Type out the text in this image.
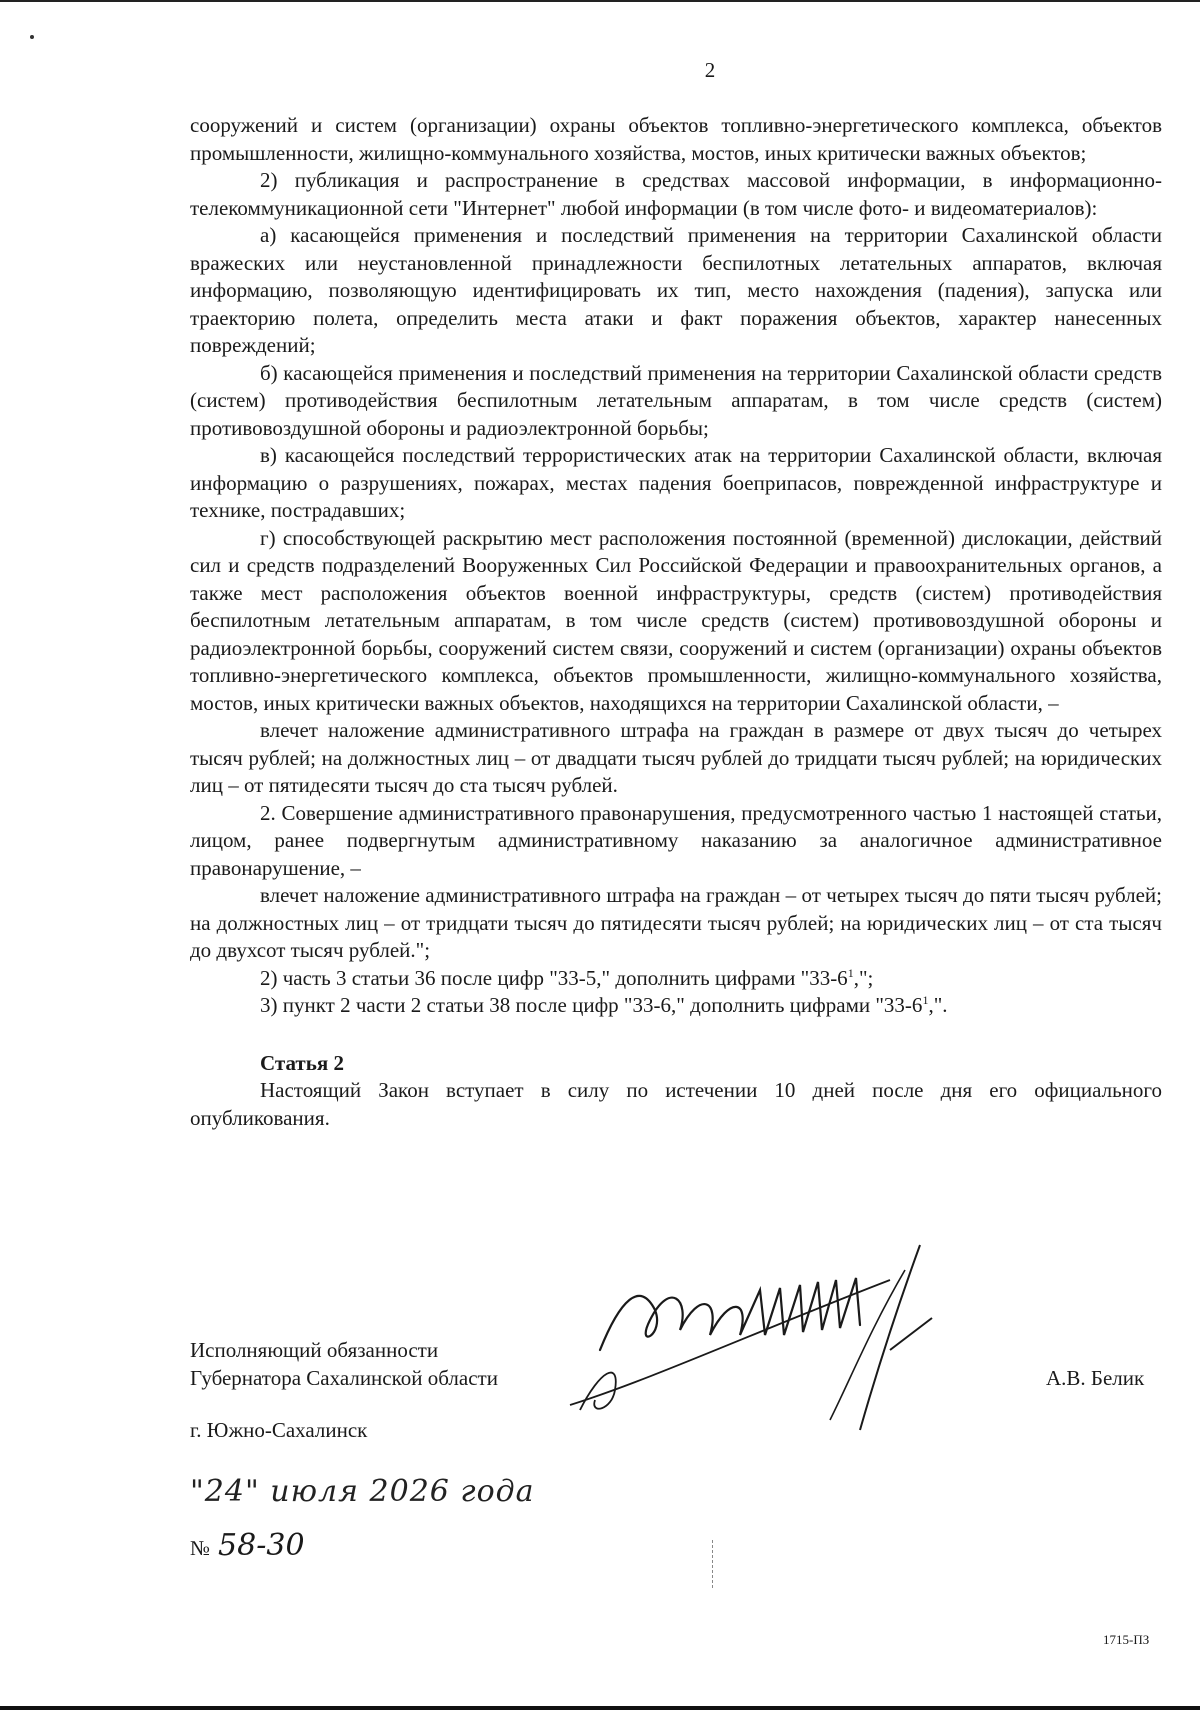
2

сооружений и систем (организации) охраны объектов топливно-энергетического комплекса, объектов промышленности, жилищно-коммунального хозяйства, мостов, иных критически важных объектов;

2) публикация и распространение в средствах массовой информации, в информационно-телекоммуникационной сети "Интернет" любой информации (в том числе фото- и видеоматериалов):

а) касающейся применения и последствий применения на территории Сахалинской области вражеских или неустановленной принадлежности беспилотных летательных аппаратов, включая информацию, позволяющую идентифицировать их тип, место нахождения (падения), запуска или траекторию полета, определить места атаки и факт поражения объектов, характер нанесенных повреждений;

б) касающейся применения и последствий применения на территории Сахалинской области средств (систем) противодействия беспилотным летательным аппаратам, в том числе средств (систем) противовоздушной обороны и радиоэлектронной борьбы;

в) касающейся последствий террористических атак на территории Сахалинской области, включая информацию о разрушениях, пожарах, местах падения боеприпасов, поврежденной инфраструктуре и технике, пострадавших;

г) способствующей раскрытию мест расположения постоянной (временной) дислокации, действий сил и средств подразделений Вооруженных Сил Российской Федерации и правоохранительных органов, а также мест расположения объектов военной инфраструктуры, средств (систем) противодействия беспилотным летательным аппаратам, в том числе средств (систем) противовоздушной обороны и радиоэлектронной борьбы, сооружений систем связи, сооружений и систем (организации) охраны объектов топливно-энергетического комплекса, объектов промышленности, жилищно-коммунального хозяйства, мостов, иных критически важных объектов, находящихся на территории Сахалинской области, –

влечет наложение административного штрафа на граждан в размере от двух тысяч до четырех тысяч рублей; на должностных лиц – от двадцати тысяч рублей до тридцати тысяч рублей; на юридических лиц – от пятидесяти тысяч до ста тысяч рублей.

2. Совершение административного правонарушения, предусмотренного частью 1 настоящей статьи, лицом, ранее подвергнутым административному наказанию за аналогичное административное правонарушение, –

влечет наложение административного штрафа на граждан – от четырех тысяч до пяти тысяч рублей; на должностных лиц – от тридцати тысяч до пятидесяти тысяч рублей; на юридических лиц – от ста тысяч до двухсот тысяч рублей.";

2) часть 3 статьи 36 после цифр "33-5," дополнить цифрами "$33-6^1$,";

3) пункт 2 части 2 статьи 38 после цифр "33-6," дополнить цифрами "$33-6^1$,".

Статья 2

Настоящий Закон вступает в силу по истечении 10 дней после дня его официального опубликования.

Исполняющий обязанности
Губернатора Сахалинской области	А.В. Белик
г. Южно-Сахалинск
"24" июля 2026 года
№ 58-30
1715-ПЗ
